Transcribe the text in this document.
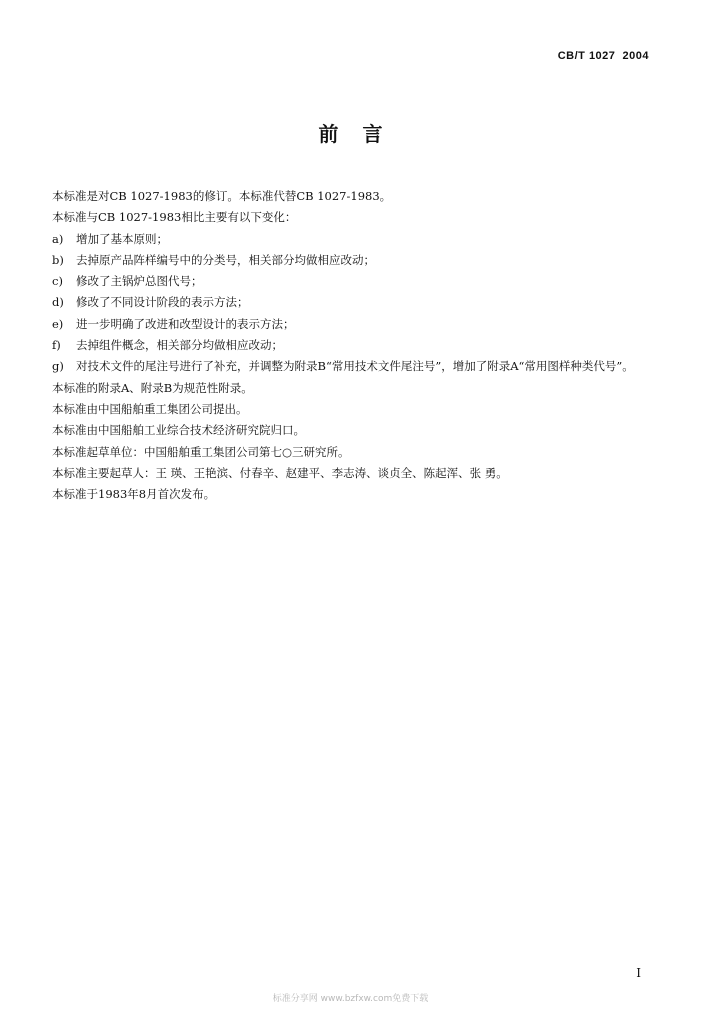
CB/T 1027  2004
前言

本标准是对CB 1027-1983的修订。本标准代替CB 1027-1983。

本标准与CB 1027-1983相比主要有以下变化：

a)	增加了基本原则；
b)	去掉原产品阵样编号中的分类号，相关部分均做相应改动；
c)	修改了主锅炉总图代号；
d)	修改了不同设计阶段的表示方法；
e)	进一步明确了改进和改型设计的表示方法；
f)	去掉组件概念，相关部分均做相应改动；
g)	对技术文件的尾注号进行了补充，并调整为附录B“常用技术文件尾注号”，增加了附录A“常用图样种类代号”。

本标准的附录A、附录B为规范性附录。

本标准由中国船舶重工集团公司提出。

本标准由中国船舶工业综合技术经济研究院归口。

本标准起草单位：中国船舶重工集团公司第七○三研究所。

本标准主要起草人：王 瑛、王艳滨、付春辛、赵建平、李志涛、谈贞全、陈起浑、张 勇。

本标准于1983年8月首次发布。

I
标准分享网 www.bzfxw.com免费下载
